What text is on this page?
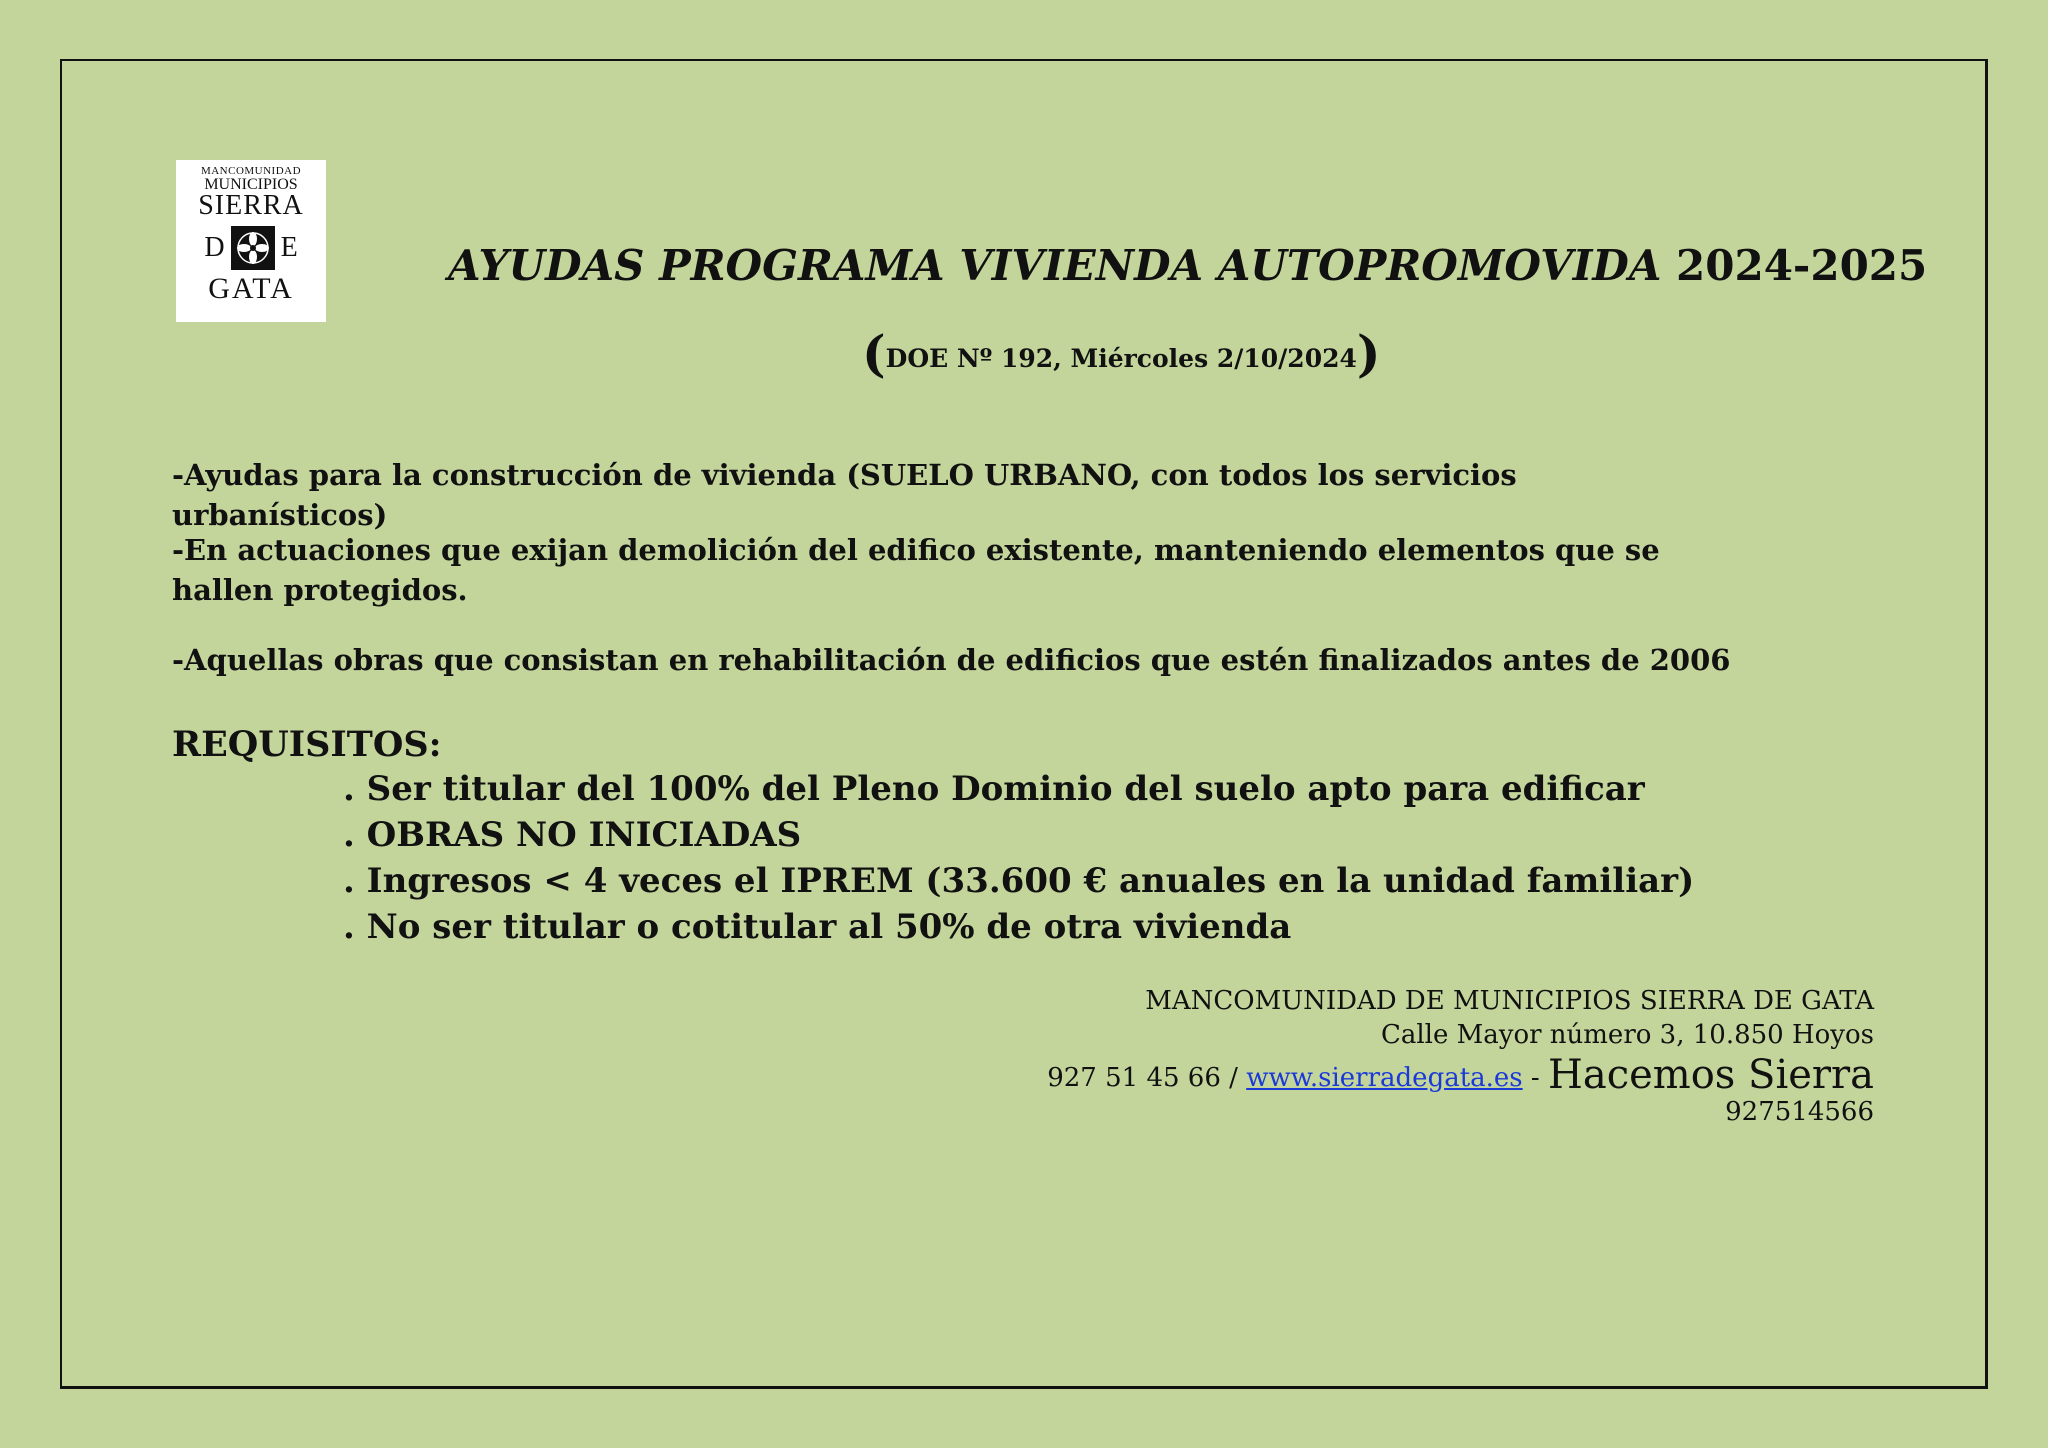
MANCOMUNIDAD
MUNICIPIOS
SIERRA
D E
GATA	AYUDAS PROGRAMA VIVIENDA AUTOPROMOVIDA 2024-2025
(DOE Nº 192, Miércoles 2/10/2024)
-Ayudas para la construcción de vivienda (SUELO URBANO, con todos los servicios urbanísticos)
-En actuaciones que exijan demolición del edifico existente, manteniendo elementos que se hallen protegidos.
-Aquellas obras que consistan en rehabilitación de edificios que estén finalizados antes de 2006
REQUISITOS:
. Ser titular del 100% del Pleno Dominio del suelo apto para edificar
. OBRAS NO INICIADAS
. Ingresos < 4 veces el IPREM (33.600 € anuales en la unidad familiar)
. No ser titular o cotitular al 50% de otra vivienda
MANCOMUNIDAD DE MUNICIPIOS SIERRA DE GATA
Calle Mayor número 3, 10.850 Hoyos
927 51 45 66 / www.sierradegata.es - Hacemos Sierra
927514566
